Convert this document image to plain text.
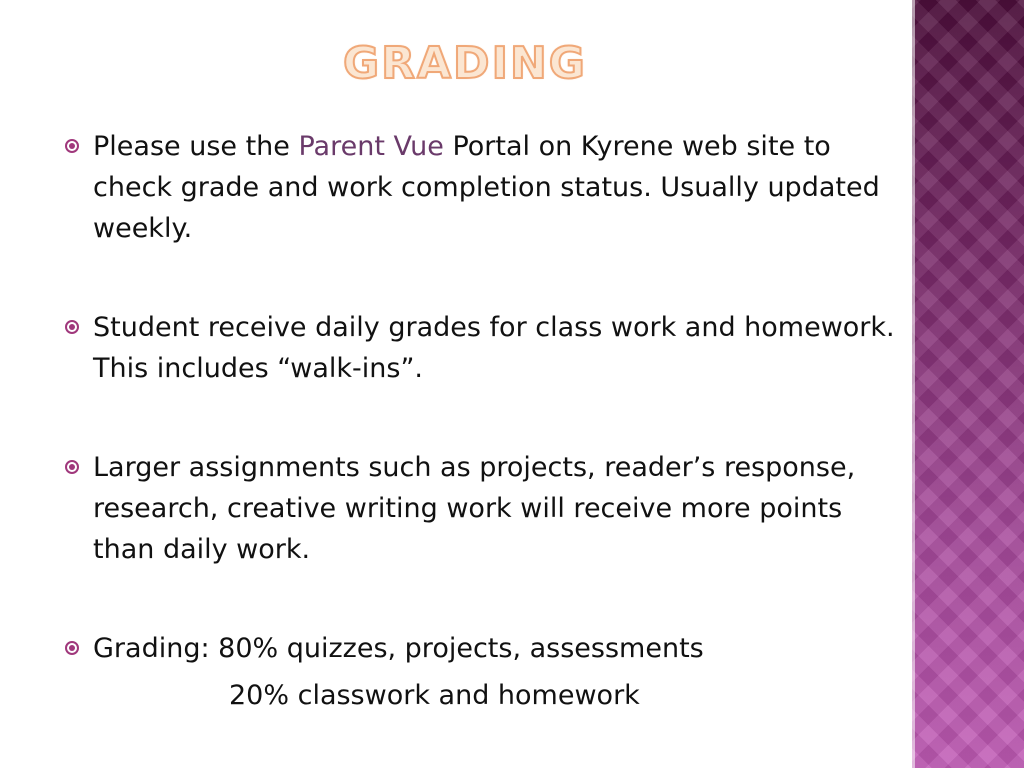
GRADING

Please use the Parent Vue Portal on Kyrene web site to check grade and work completion status. Usually updated weekly.

Student receive daily grades for class work and homework. This includes “walk-ins”.

Larger assignments such as projects, reader’s response, research, creative writing work will receive more points than daily work.

Grading: 80% quizzes, projects, assessments
20% classwork and homework
